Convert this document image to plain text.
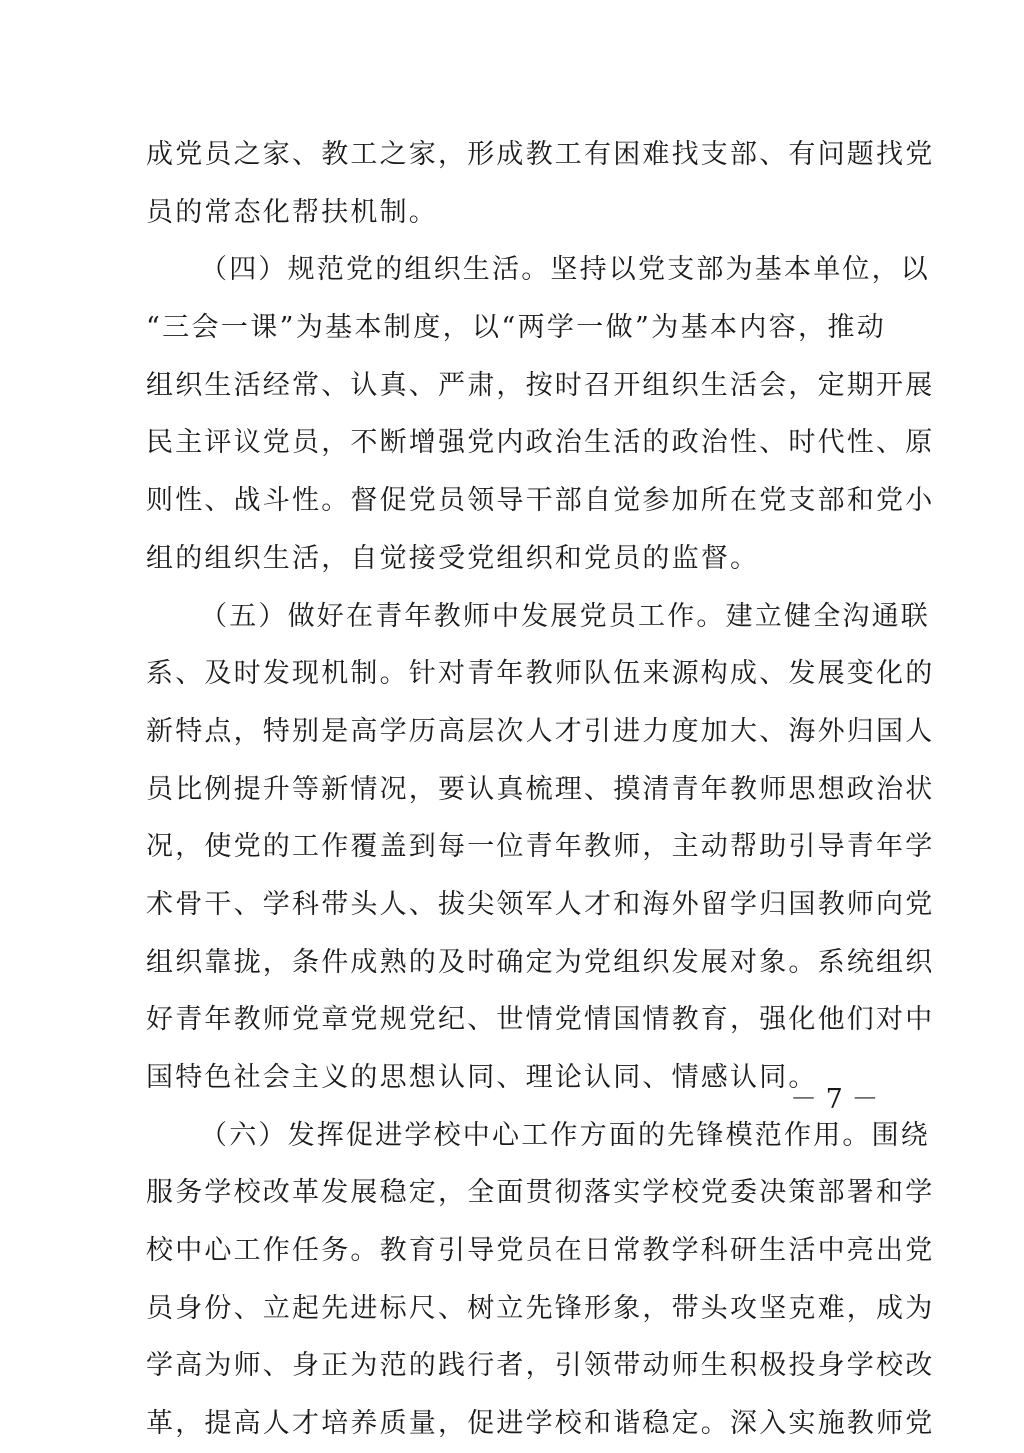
成党员之家、教工之家，形成教工有困难找支部、有问题找党
员的常态化帮扶机制。
（四）规范党的组织生活。坚持以党支部为基本单位，以
“三会一课”为基本制度，以“两学一做”为基本内容，推动
组织生活经常、认真、严肃，按时召开组织生活会，定期开展
民主评议党员，不断增强党内政治生活的政治性、时代性、原
则性、战斗性。督促党员领导干部自觉参加所在党支部和党小
组的组织生活，自觉接受党组织和党员的监督。
（五）做好在青年教师中发展党员工作。建立健全沟通联
系、及时发现机制。针对青年教师队伍来源构成、发展变化的
新特点，特别是高学历高层次人才引进力度加大、海外归国人
员比例提升等新情况，要认真梳理、摸清青年教师思想政治状
况，使党的工作覆盖到每一位青年教师，主动帮助引导青年学
术骨干、学科带头人、拔尖领军人才和海外留学归国教师向党
组织靠拢，条件成熟的及时确定为党组织发展对象。系统组织
好青年教师党章党规党纪、世情党情国情教育，强化他们对中
国特色社会主义的思想认同、理论认同、情感认同。
（六）发挥促进学校中心工作方面的先锋模范作用。围绕
服务学校改革发展稳定，全面贯彻落实学校党委决策部署和学
校中心工作任务。教育引导党员在日常教学科研生活中亮出党
员身份、立起先进标尺、树立先锋形象，带头攻坚克难，成为
学高为师、身正为范的践行者，引领带动师生积极投身学校改
革，提高人才培养质量，促进学校和谐稳定。深入实施教师党
－ 7 －
